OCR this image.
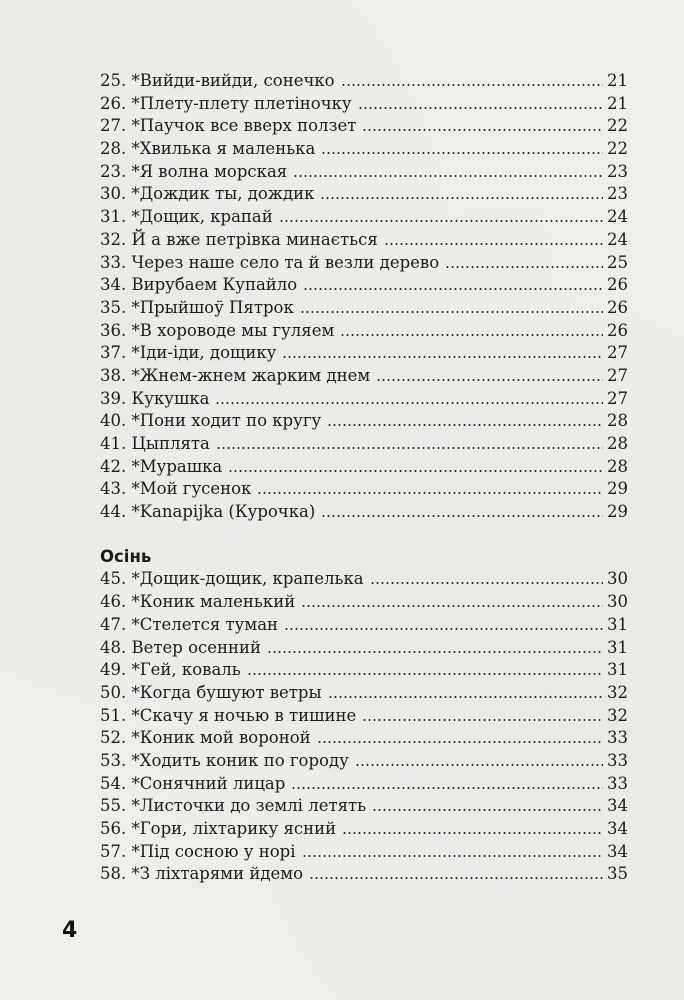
25. *Вийди-вийди, сонечко	21
26. *Плету-плету плетіночку	21
27. *Паучок все вверх ползет	22
28. *Хвилька я маленька	22
23. *Я волна морская	23
30. *Дождик ты, дождик	23
31. *Дощик, крапай	24
32. Й а вже петрівка минається	24
33. Через наше село та й везли дерево	25
34. Вирубаем Купайло	26
35. *Прыйшоў Пятрок	26
36. *В хороводе мы гуляем	26
37. *Іди-іди, дощику	27
38. *Жнем-жнем жарким днем	27
39. Кукушка	27
40. *Пони ходит по кругу	28
41. Цыплята	28
42. *Мурашка	28
43. *Мой гусенок	29
44. *Kanapijka (Курочка)	29
Осінь
45. *Дощик-дощик, крапелька	30
46. *Коник маленький	30
47. *Стелется туман	31
48. Ветер осенний	31
49. *Гей, коваль	31
50. *Когда бушуют ветры	32
51. *Скачу я ночью в тишине	32
52. *Коник мой вороной	33
53. *Ходить коник по городу	33
54. *Сонячний лицар	33
55. *Листочки до землі летять	34
56. *Гори, ліхтарику ясний	34
57. *Під сосною у норі	34
58. *З ліхтарями йдемо	35
4
